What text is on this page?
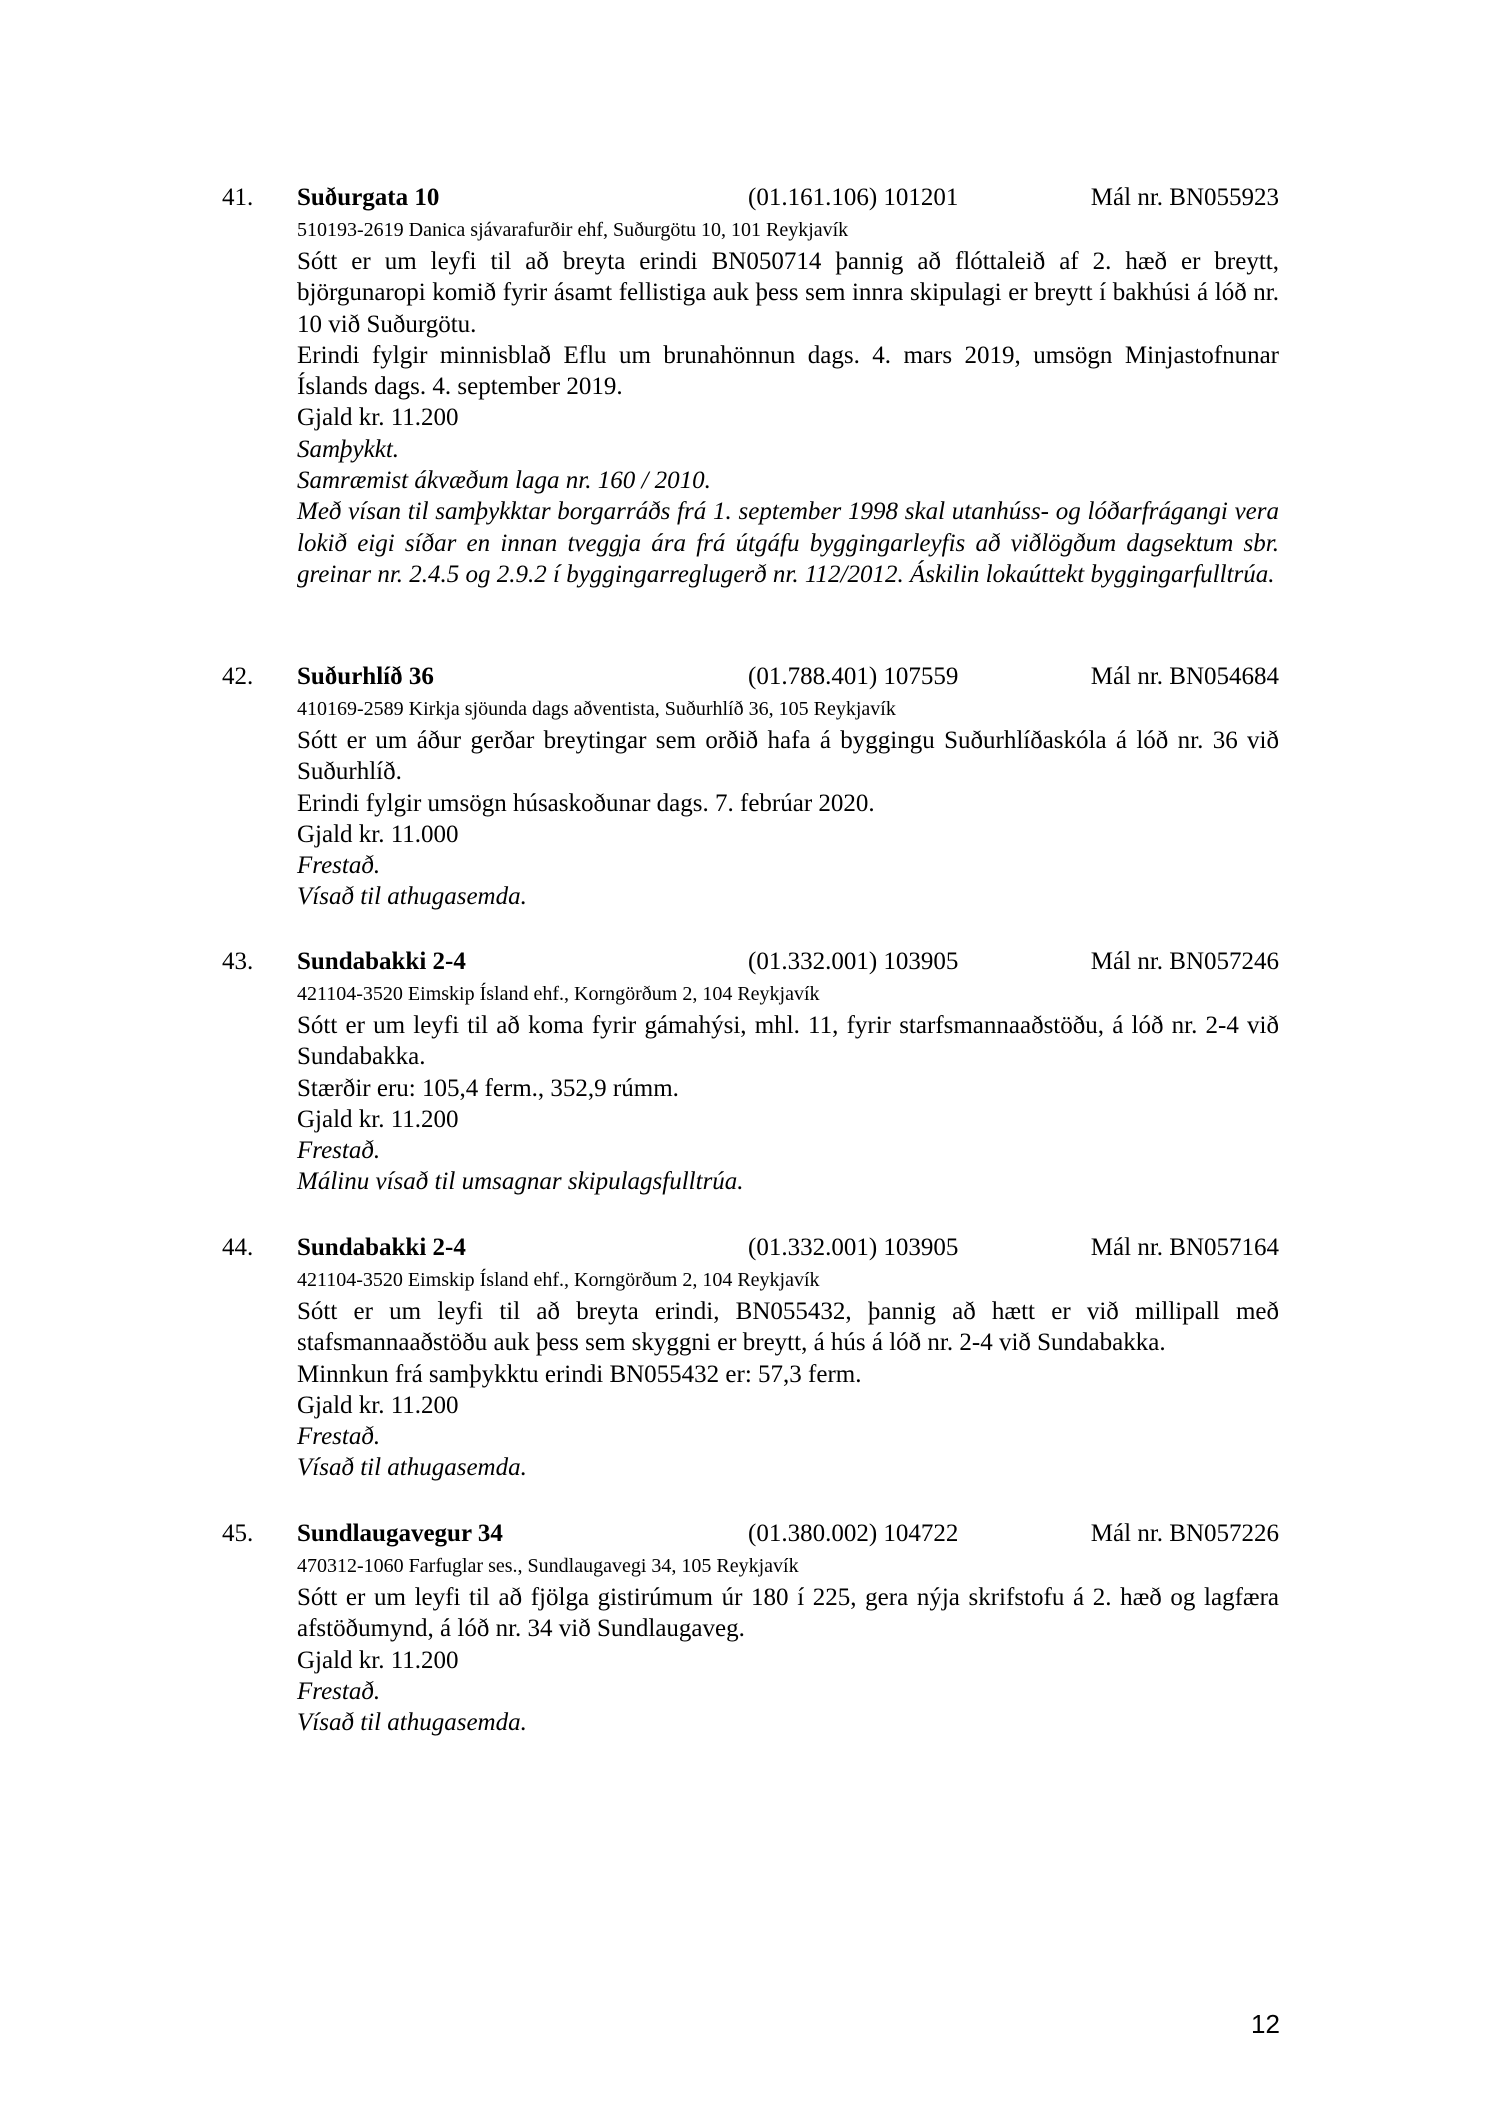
41. Suðurgata 10	(01.161.106) 101201	Mál nr. BN055923
510193-2619 Danica sjávarafurðir ehf, Suðurgötu 10, 101 Reykjavík

Sótt er um leyfi til að breyta erindi BN050714 þannig að flóttaleið af 2. hæð er breytt, björgunaropi komið fyrir ásamt fellistiga auk þess sem innra skipulagi er breytt í bakhúsi á lóð nr. 10 við Suðurgötu.

Erindi fylgir minnisblað Eflu um brunahönnun dags. 4. mars 2019, umsögn Minjastofnunar Íslands dags. 4. september 2019.

Gjald kr. 11.200

Samþykkt.

Samræmist ákvæðum laga nr. 160 / 2010.

Með vísan til samþykktar borgarráðs frá 1. september 1998 skal utanhúss- og lóðarfrágangi vera lokið eigi síðar en innan tveggja ára frá útgáfu byggingarleyfis að viðlögðum dagsektum sbr. greinar nr. 2.4.5 og 2.9.2 í byggingarreglugerð nr. 112/2012. Áskilin lokaúttekt byggingarfulltrúa.

42. Suðurhlíð 36	(01.788.401) 107559	Mál nr. BN054684
410169-2589 Kirkja sjöunda dags aðventista, Suðurhlíð 36, 105 Reykjavík

Sótt er um áður gerðar breytingar sem orðið hafa á byggingu Suðurhlíðaskóla á lóð nr. 36 við Suðurhlíð.

Erindi fylgir umsögn húsaskoðunar dags. 7. febrúar 2020.

Gjald kr. 11.000

Frestað.

Vísað til athugasemda.

43. Sundabakki 2-4	(01.332.001) 103905	Mál nr. BN057246
421104-3520 Eimskip Ísland ehf., Korngörðum 2, 104 Reykjavík

Sótt er um leyfi til að koma fyrir gámahýsi, mhl. 11, fyrir starfsmannaaðstöðu, á lóð nr. 2-4 við Sundabakka.

Stærðir eru: 105,4 ferm., 352,9 rúmm.

Gjald kr. 11.200

Frestað.

Málinu vísað til umsagnar skipulagsfulltrúa.

44. Sundabakki 2-4	(01.332.001) 103905	Mál nr. BN057164
421104-3520 Eimskip Ísland ehf., Korngörðum 2, 104 Reykjavík

Sótt er um leyfi til að breyta erindi, BN055432, þannig að hætt er við millipall með stafsmannaaðstöðu auk þess sem skyggni er breytt, á hús á lóð nr. 2-4 við Sundabakka.

Minnkun frá samþykktu erindi BN055432 er: 57,3 ferm.

Gjald kr. 11.200

Frestað.

Vísað til athugasemda.

45. Sundlaugavegur 34	(01.380.002) 104722	Mál nr. BN057226
470312-1060 Farfuglar ses., Sundlaugavegi 34, 105 Reykjavík

Sótt er um leyfi til að fjölga gistirúmum úr 180 í 225, gera nýja skrifstofu á 2. hæð og lagfæra afstöðumynd, á lóð nr. 34 við Sundlaugaveg.

Gjald kr. 11.200

Frestað.

Vísað til athugasemda.

12
